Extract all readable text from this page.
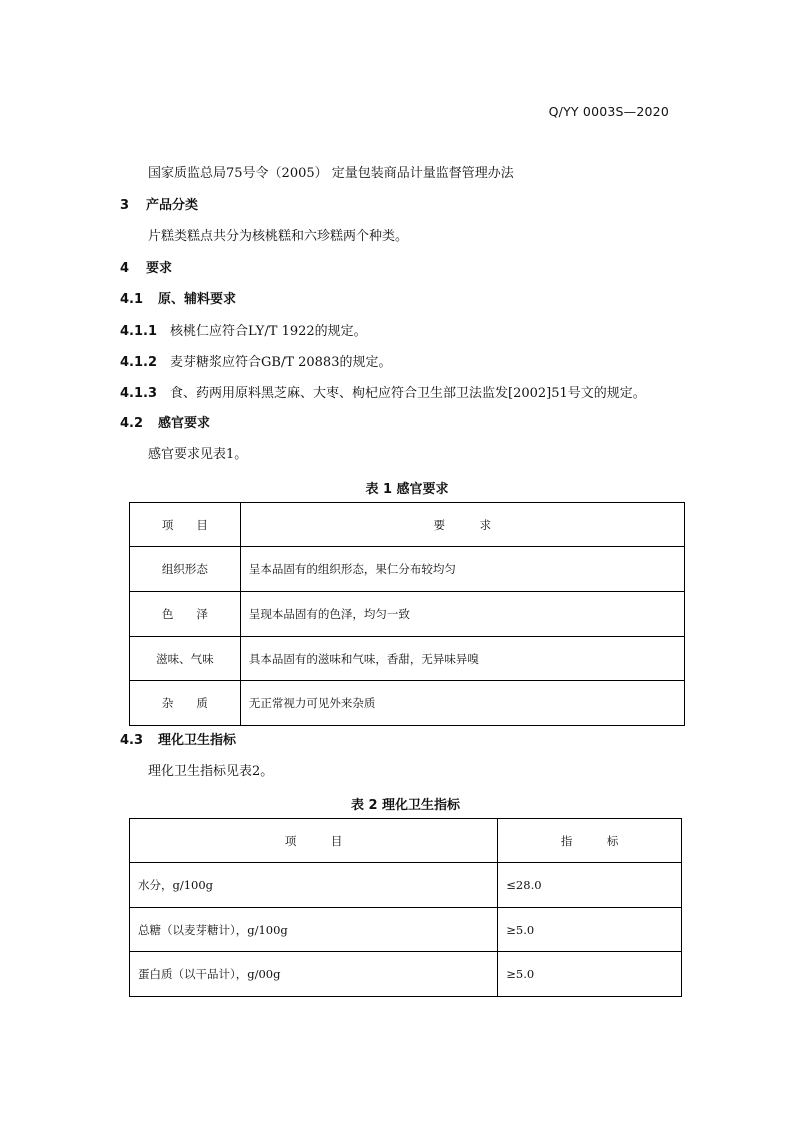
Q/YY 0003S—2020
国家质监总局75号令（2005） 定量包装商品计量监督管理办法
3 产品分类
片糕类糕点共分为核桃糕和六珍糕两个种类。
4 要求
4.1 原、辅料要求
4.1.1 核桃仁应符合LY/T 1922的规定。
4.1.2 麦芽糖浆应符合GB/T 20883的规定。
4.1.3 食、药两用原料黑芝麻、大枣、枸杞应符合卫生部卫法监发[2002]51号文的规定。
4.2 感官要求
感官要求见表1。
表 1 感官要求
项　　目	要　　　求
组织形态	呈本品固有的组织形态，果仁分布较均匀
色　　泽	呈现本品固有的色泽，均匀一致
滋味、气味	具本品固有的滋味和气味，香甜，无异味异嗅
杂　　质	无正常视力可见外来杂质
4.3 理化卫生指标
理化卫生指标见表2。
表 2 理化卫生指标
项　　　目	指　　　标
水分，g/100g	≤28.0
总糖（以麦芽糖计），g/100g	≥5.0
蛋白质（以干品计），g/00g	≥5.0
